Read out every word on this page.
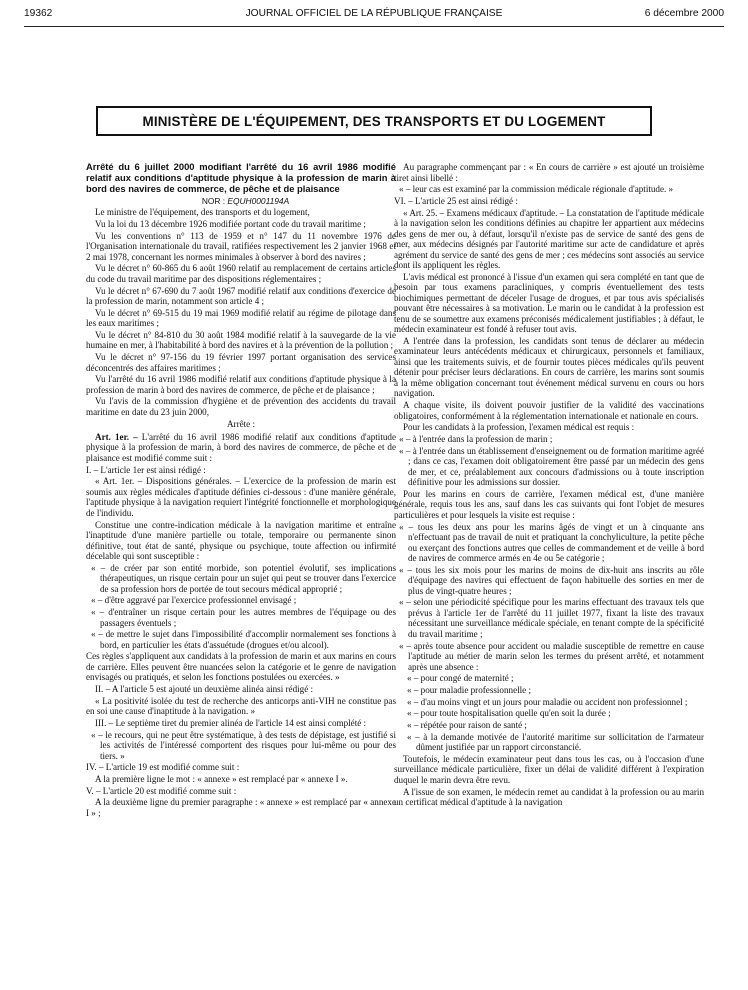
19362	JOURNAL OFFICIEL DE LA RÉPUBLIQUE FRANÇAISE	6 décembre 2000
MINISTÈRE DE L'ÉQUIPEMENT, DES TRANSPORTS ET DU LOGEMENT

Arrêté du 6 juillet 2000 modifiant l'arrêté du 16 avril 1986 modifié relatif aux conditions d'aptitude physique à la profession de marin à bord des navires de commerce, de pêche et de plaisance

NOR : EQUH0001194A

Le ministre de l'équipement, des transports et du logement,

Vu la loi du 13 décembre 1926 modifiée portant code du travail maritime ;

Vu les conventions n° 113 de 1959 et n° 147 du 11 novembre 1976 de l'Organisation internationale du travail, ratifiées respectivement les 2 janvier 1968 et 2 mai 1978, concernant les normes minimales à observer à bord des navires ;

Vu le décret n° 60-865 du 6 août 1960 relatif au remplacement de certains articles du code du travail maritime par des dispositions réglementaires ;

Vu le décret n° 67-690 du 7 août 1967 modifié relatif aux conditions d'exercice de la profession de marin, notamment son article 4 ;

Vu le décret n° 69-515 du 19 mai 1969 modifié relatif au régime de pilotage dans les eaux maritimes ;

Vu le décret n° 84-810 du 30 août 1984 modifié relatif à la sauvegarde de la vie humaine en mer, à l'habitabilité à bord des navires et à la prévention de la pollution ;

Vu le décret n° 97-156 du 19 février 1997 portant organisation des services déconcentrés des affaires maritimes ;

Vu l'arrêté du 16 avril 1986 modifié relatif aux conditions d'aptitude physique à la profession de marin à bord des navires de commerce, de pêche et de plaisance ;

Vu l'avis de la commission d'hygiène et de prévention des accidents du travail maritime en date du 23 juin 2000,

Arrête :

Art. 1er. – L'arrêté du 16 avril 1986 modifié relatif aux conditions d'aptitude physique à la profession de marin, à bord des navires de commerce, de pêche et de plaisance est modifié comme suit :

I. – L'article 1er est ainsi rédigé :

« Art. 1er. – Dispositions générales. – L'exercice de la profession de marin est soumis aux règles médicales d'aptitude définies ci-dessous : d'une manière générale, l'aptitude physique à la navigation requiert l'intégrité fonctionnelle et morphologique de l'individu.

Constitue une contre-indication médicale à la navigation maritime et entraîne l'inaptitude d'une manière partielle ou totale, temporaire ou permanente sinon définitive, tout état de santé, physique ou psychique, toute affection ou infirmité décelable qui sont susceptible :

« – de créer par son entité morbide, son potentiel évolutif, ses implications thérapeutiques, un risque certain pour un sujet qui peut se trouver dans l'exercice de sa profession hors de portée de tout secours médical approprié ;

« – d'être aggravé par l'exercice professionnel envisagé ;

« – d'entraîner un risque certain pour les autres membres de l'équipage ou des passagers éventuels ;

« – de mettre le sujet dans l'impossibilité d'accomplir normalement ses fonctions à bord, en particulier les états d'assuétude (drogues et/ou alcool).

Ces règles s'appliquent aux candidats à la profession de marin et aux marins en cours de carrière. Elles peuvent être nuancées selon la catégorie et le genre de navigation envisagés ou pratiqués, et selon les fonctions postulées ou exercées. »

II. – A l'article 5 est ajouté un deuxième alinéa ainsi rédigé :

« La positivité isolée du test de recherche des anticorps anti-VIH ne constitue pas en soi une cause d'inaptitude à la navigation. »

III. – Le septième tiret du premier alinéa de l'article 14 est ainsi complété :

« – le recours, qui ne peut être systématique, à des tests de dépistage, est justifié si les activités de l'intéressé comportent des risques pour lui-même ou pour des tiers. »

IV. – L'article 19 est modifié comme suit :

A la première ligne le mot : « annexe » est remplacé par « annexe I ».

V. – L'article 20 est modifié comme suit :

A la deuxième ligne du premier paragraphe : « annexe » est remplacé par « annexe I » ;

Au paragraphe commençant par : « En cours de carrière » est ajouté un troisième tiret ainsi libellé :

« – leur cas est examiné par la commission médicale régionale d'aptitude. »

VI. – L'article 25 est ainsi rédigé :

« Art. 25. – Examens médicaux d'aptitude. – La constatation de l'aptitude médicale à la navigation selon les conditions définies au chapitre Ier appartient aux médecins des gens de mer ou, à défaut, lorsqu'il n'existe pas de service de santé des gens de mer, aux médecins désignés par l'autorité maritime sur acte de candidature et après agrément du service de santé des gens de mer ; ces médecins sont associés au service dont ils appliquent les règles.

L'avis médical est prononcé à l'issue d'un examen qui sera complété en tant que de besoin par tous examens paracliniques, y compris éventuellement des tests biochimiques permettant de déceler l'usage de drogues, et par tous avis spécialisés pouvant être nécessaires à sa motivation. Le marin ou le candidat à la profession est tenu de se soumettre aux examens préconisés médicalement justifiables ; à défaut, le médecin examinateur est fondé à refuser tout avis.

A l'entrée dans la profession, les candidats sont tenus de déclarer au médecin examinateur leurs antécédents médicaux et chirurgicaux, personnels et familiaux, ainsi que les traitements suivis, et de fournir toutes pièces médicales qu'ils peuvent détenir pour préciser leurs déclarations. En cours de carrière, les marins sont soumis à la même obligation concernant tout événement médical survenu en cours ou hors navigation.

A chaque visite, ils doivent pouvoir justifier de la validité des vaccinations obligatoires, conformément à la réglementation internationale et nationale en cours.

Pour les candidats à la profession, l'examen médical est requis :

« – à l'entrée dans la profession de marin ;

« – à l'entrée dans un établissement d'enseignement ou de formation maritime agréé ; dans ce cas, l'examen doit obligatoirement être passé par un médecin des gens de mer, et ce, préalablement aux concours d'admissions ou à toute inscription définitive pour les admissions sur dossier.

Pour les marins en cours de carrière, l'examen médical est, d'une manière générale, requis tous les ans, sauf dans les cas suivants qui font l'objet de mesures particulières et pour lesquels la visite est requise :

« – tous les deux ans pour les marins âgés de vingt et un à cinquante ans n'effectuant pas de travail de nuit et pratiquant la conchyliculture, la petite pêche ou exerçant des fonctions autres que celles de commandement et de veille à bord de navires de commerce armés en 4e ou 5e catégorie ;

« – tous les six mois pour les marins de moins de dix-huit ans inscrits au rôle d'équipage des navires qui effectuent de façon habituelle des sorties en mer de plus de vingt-quatre heures ;

« – selon une périodicité spécifique pour les marins effectuant des travaux tels que prévus à l'article 1er de l'arrêté du 11 juillet 1977, fixant la liste des travaux nécessitant une surveillance médicale spéciale, en tenant compte de la spécificité du travail maritime ;

« – après toute absence pour accident ou maladie susceptible de remettre en cause l'aptitude au métier de marin selon les termes du présent arrêté, et notamment après une absence :

« – pour congé de maternité ;

« – pour maladie professionnelle ;

« – d'au moins vingt et un jours pour maladie ou accident non professionnel ;

« – pour toute hospitalisation quelle qu'en soit la durée ;

« – répétée pour raison de santé ;

« – à la demande motivée de l'autorité maritime sur sollicitation de l'armateur dûment justifiée par un rapport circonstancié.

Toutefois, le médecin examinateur peut dans tous les cas, ou à l'occasion d'une surveillance médicale particulière, fixer un délai de validité différent à l'expiration duquel le marin devra être revu.

A l'issue de son examen, le médecin remet au candidat à la profession ou au marin un certificat médical d'aptitude à la navigation
